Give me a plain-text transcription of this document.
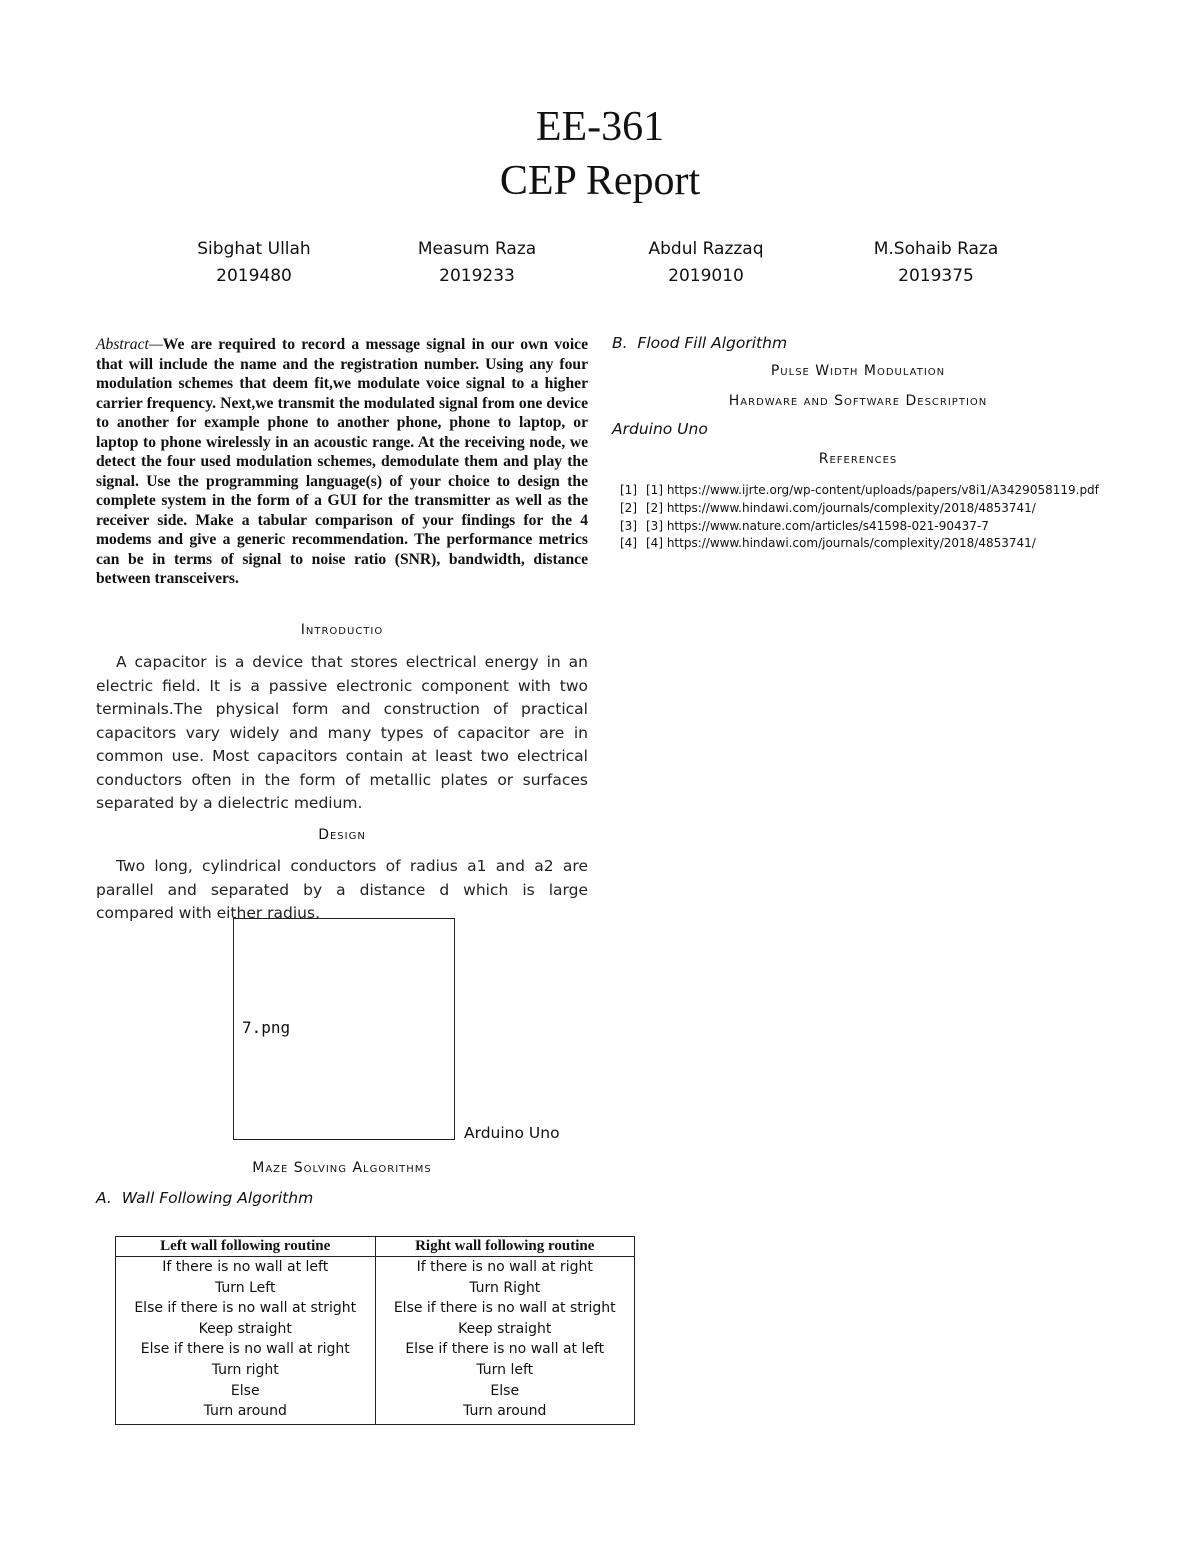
EE-361
CEP Report
Sibghat Ullah
2019480
Measum Raza
2019233
Abdul Razzaq
2019010
M.Sohaib Raza
2019375
Abstract—We are required to record a message signal in our own voice that will include the name and the registration number. Using any four modulation schemes that deem fit,we modulate voice signal to a higher carrier frequency. Next,we transmit the modulated signal from one device to another for example phone to another phone, phone to laptop, or laptop to phone wirelessly in an acoustic range. At the receiving node, we detect the four used modulation schemes, demodulate them and play the signal. Use the programming language(s) of your choice to design the complete system in the form of a GUI for the transmitter as well as the receiver side. Make a tabular comparison of your findings for the 4 modems and give a generic recommendation. The performance metrics can be in terms of signal to noise ratio (SNR), bandwidth, distance between transceivers.
Introductio
A capacitor is a device that stores electrical energy in an electric field. It is a passive electronic component with two terminals.The physical form and construction of practical capacitors vary widely and many types of capacitor are in common use. Most capacitors contain at least two electrical conductors often in the form of metallic plates or surfaces separated by a dielectric medium.
Design
Two long, cylindrical conductors of radius a1 and a2 are parallel and separated by a distance d which is large compared with either radius.
7.png
Arduino Uno
Maze Solving Algorithms
A. Wall Following Algorithm
Left wall following routine	Right wall following routine
If there is no wall at left	If there is no wall at right
Turn Left	Turn Right
Else if there is no wall at stright	Else if there is no wall at stright
Keep straight	Keep straight
Else if there is no wall at right	Else if there is no wall at left
Turn right	Turn left
Else	Else
Turn around	Turn around
B. Flood Fill Algorithm
Pulse Width Modulation
Hardware and Software Description
Arduino Uno
References
[1] [1] https://www.ijrte.org/wp-content/uploads/papers/v8i1/A3429058119.pdf
[2] [2] https://www.hindawi.com/journals/complexity/2018/4853741/
[3] [3] https://www.nature.com/articles/s41598-021-90437-7
[4] [4] https://www.hindawi.com/journals/complexity/2018/4853741/
